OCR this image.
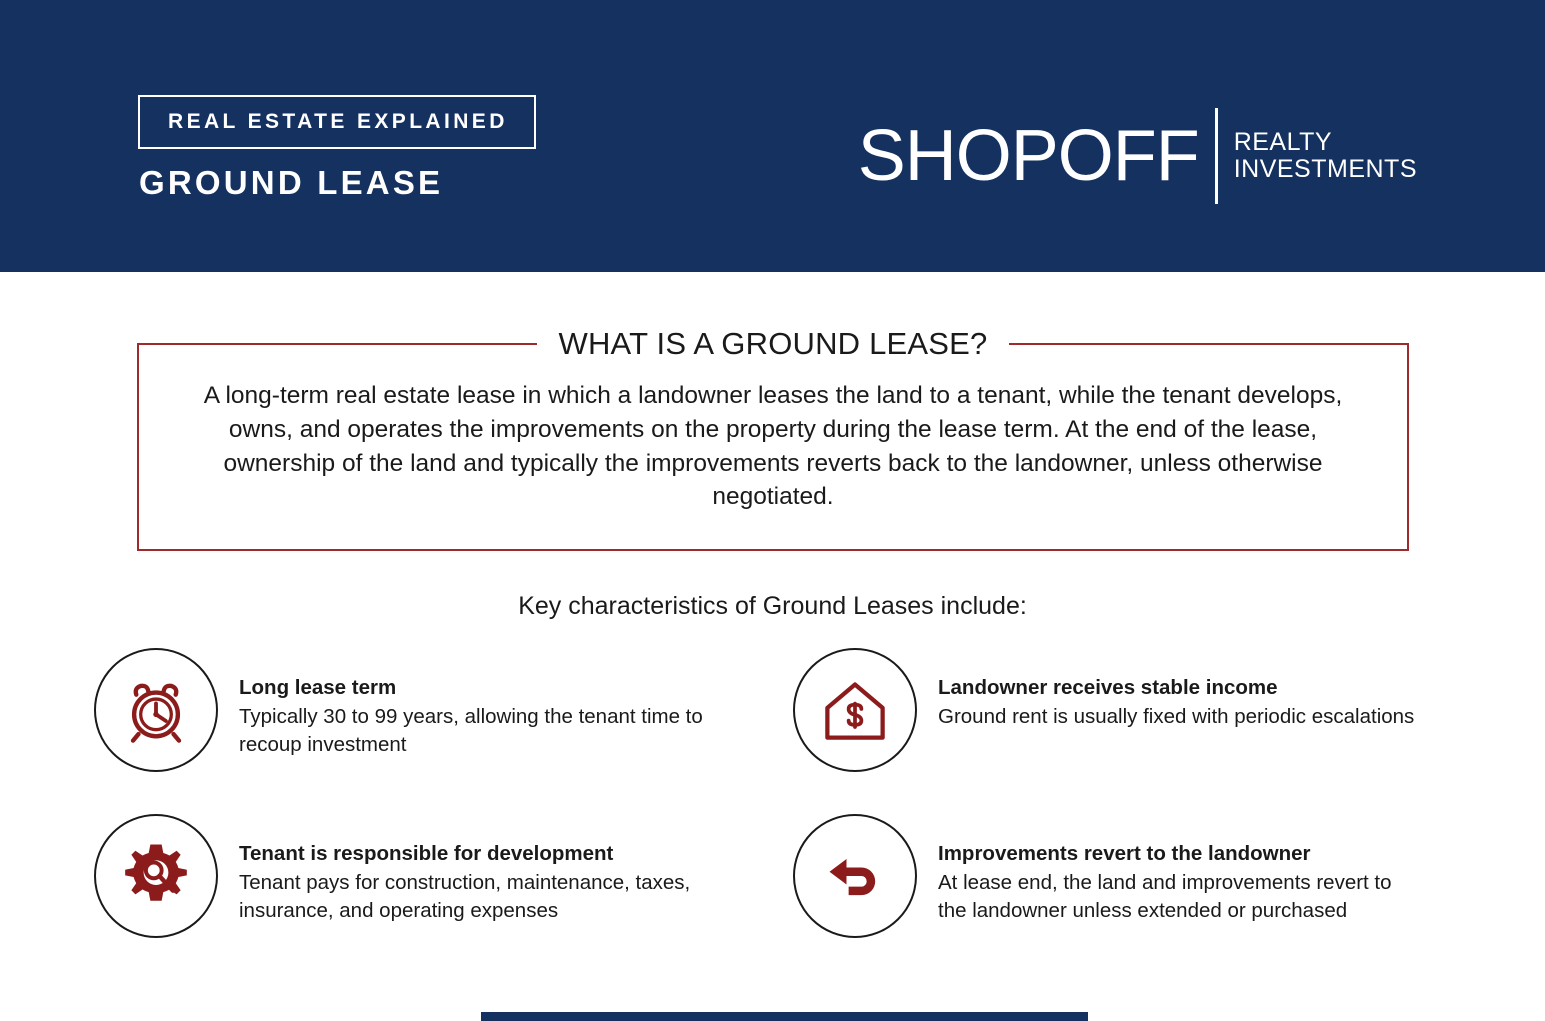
REAL ESTATE EXPLAINED
GROUND LEASE	SHOPOFF REALTY
INVESTMENTS
WHAT IS A GROUND LEASE?
A long-term real estate lease in which a landowner leases the land to a tenant, while the tenant develops, owns, and operates the improvements on the property during the lease term. At the end of the lease, ownership of the land and typically the improvements reverts back to the landowner, unless otherwise negotiated.
Key characteristics of Ground Leases include:
Long lease term
Typically 30 to 99 years, allowing the tenant time to recoup investment
Landowner receives stable income
Ground rent is usually fixed with periodic escalations
Tenant is responsible for development
Tenant pays for construction, maintenance, taxes, insurance, and operating expenses
Improvements revert to the landowner
At lease end, the land and improvements revert to the landowner unless extended or purchased
